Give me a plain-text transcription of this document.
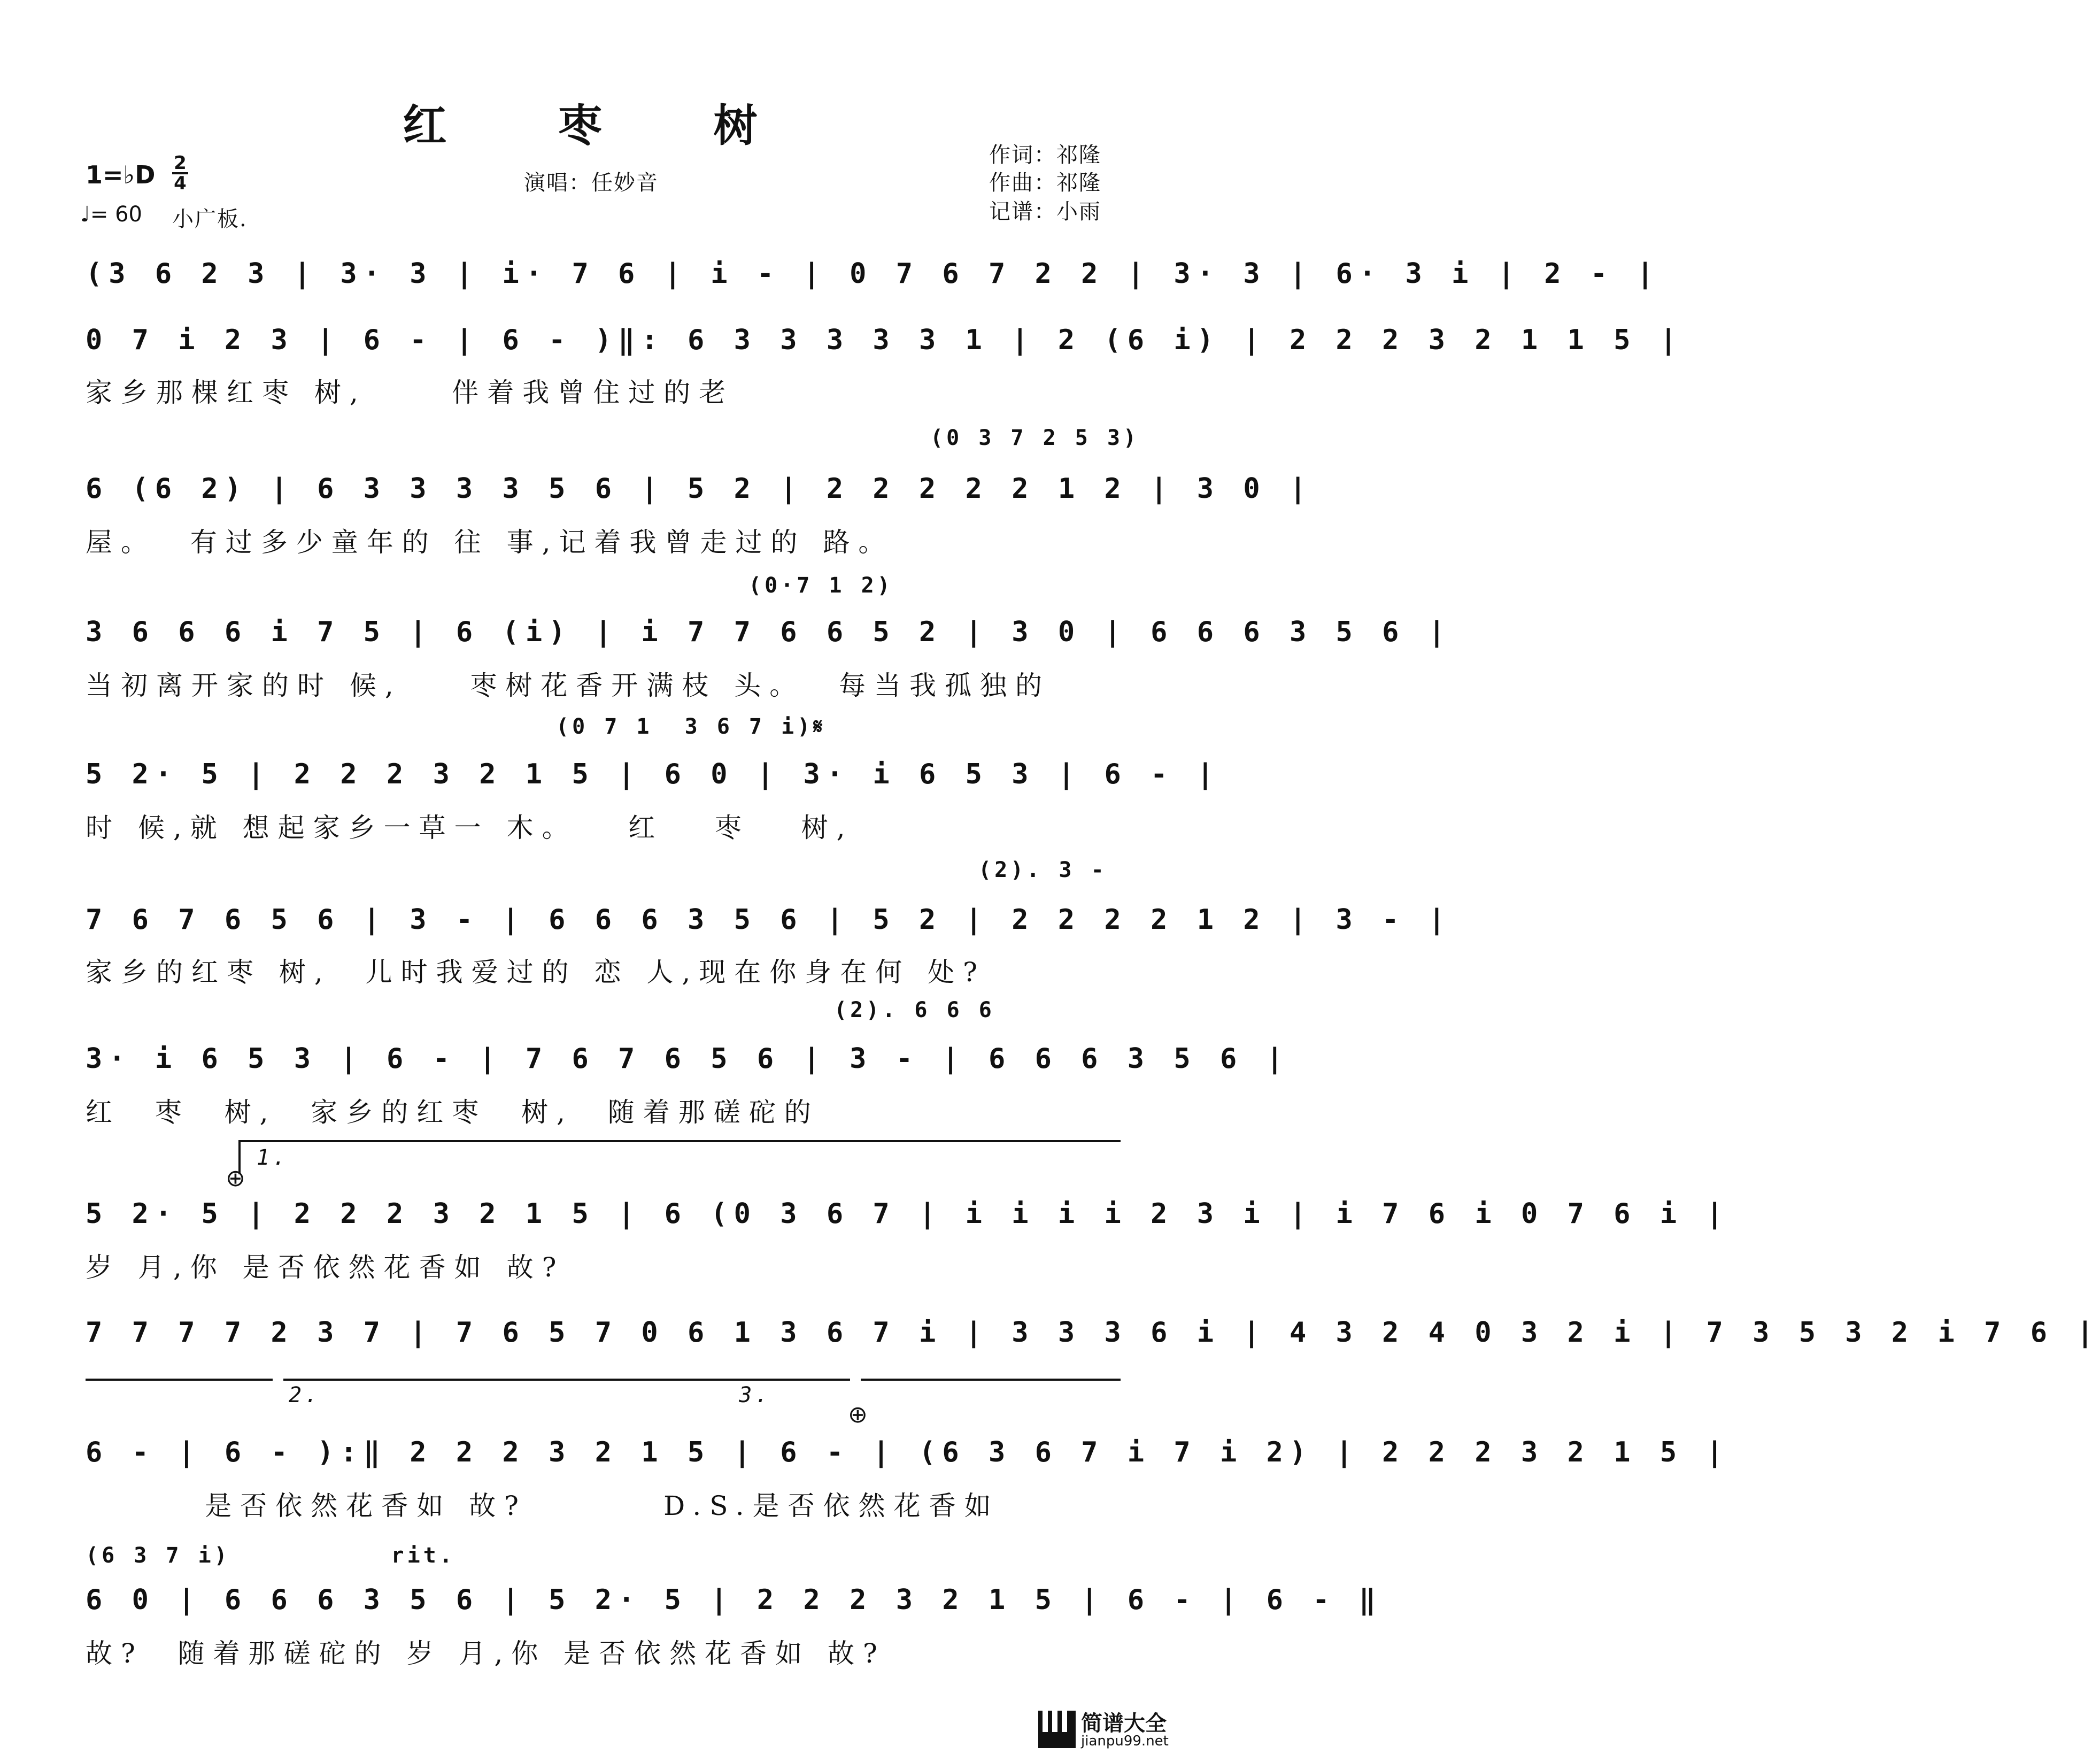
红 枣 树
1=♭D 2
4
♩= 60 小广板.
演唱：任妙音
作词：祁隆
作曲：祁隆
记谱：小雨
(3 6 2 3 | 3· 3 | i· 7 6 | i - | 0 7 6 7 2 2 | 3· 3 | 6· 3 i | 2 - |
0 7 i 2 3 | 6 - | 6 - )‖: 6 3 3 3 3 3 1 | 2 (6 i) | 2 2 2 3 2 1 1 5 |
家乡那棵红枣 树,     伴着我曾住过的老
(0 3 7 2 5 3)
6 (6 2) | 6 3 3 3 3 5 6 | 5 2 | 2 2 2 2 2 1 2 | 3 0 |
屋。  有过多少童年的 往 事,记着我曾走过的 路。
(0·7 1 2)
3 6 6 6 i 7 5 | 6 (i) | i 7 7 6 6 5 2 | 3 0 | 6 6 6 3 5 6 |
当初离开家的时 候,    枣树花香开满枝 头。  每当我孤独的
(0 7 1  3 6 7 i)𝄋
5 2· 5 | 2 2 2 3 2 1 5 | 6 0 | 3· i 6 5 3 | 6 - |
时 候,就 想起家乡一草一 木。   红   枣   树,
(2). 3 -
7 6 7 6 5 6 | 3 - | 6 6 6 3 5 6 | 5 2 | 2 2 2 2 1 2 | 3 - |
家乡的红枣 树,  儿时我爱过的 恋 人,现在你身在何 处?
(2). 6 6 6
3· i 6 5 3 | 6 - | 7 6 7 6 5 6 | 3 - | 6 6 6 3 5 6 |
红  枣  树,  家乡的红枣  树,  随着那磋砣的
1.
⊕
5 2· 5 | 2 2 2 3 2 1 5 | 6 (0 3 6 7 | i i i i 2 3 i | i 7 6 i 0 7 6 i |
岁 月,你 是否依然花香如 故?
7 7 7 7 2 3 7 | 7 6 5 7 0 6 1 3 6 7 i | 3 3 3 6 i | 4 3 2 4 0 3 2 i | 7 3 5 3 2 i 7 6 |
2.                          3.
⊕
6 - | 6 - ):‖ 2 2 2 3 2 1 5 | 6 - | (6 3 6 7 i 7 i 2) | 2 2 2 3 2 1 5 |
是否依然花香如 故?        D.S.是否依然花香如
(6 3 7 i)          rit.
6 0 | 6 6 6 3 5 6 | 5 2· 5 | 2 2 2 3 2 1 5 | 6 - | 6 - ‖
故?  随着那磋砣的 岁 月,你 是否依然花香如 故?
简谱大全
jianpu99.net
